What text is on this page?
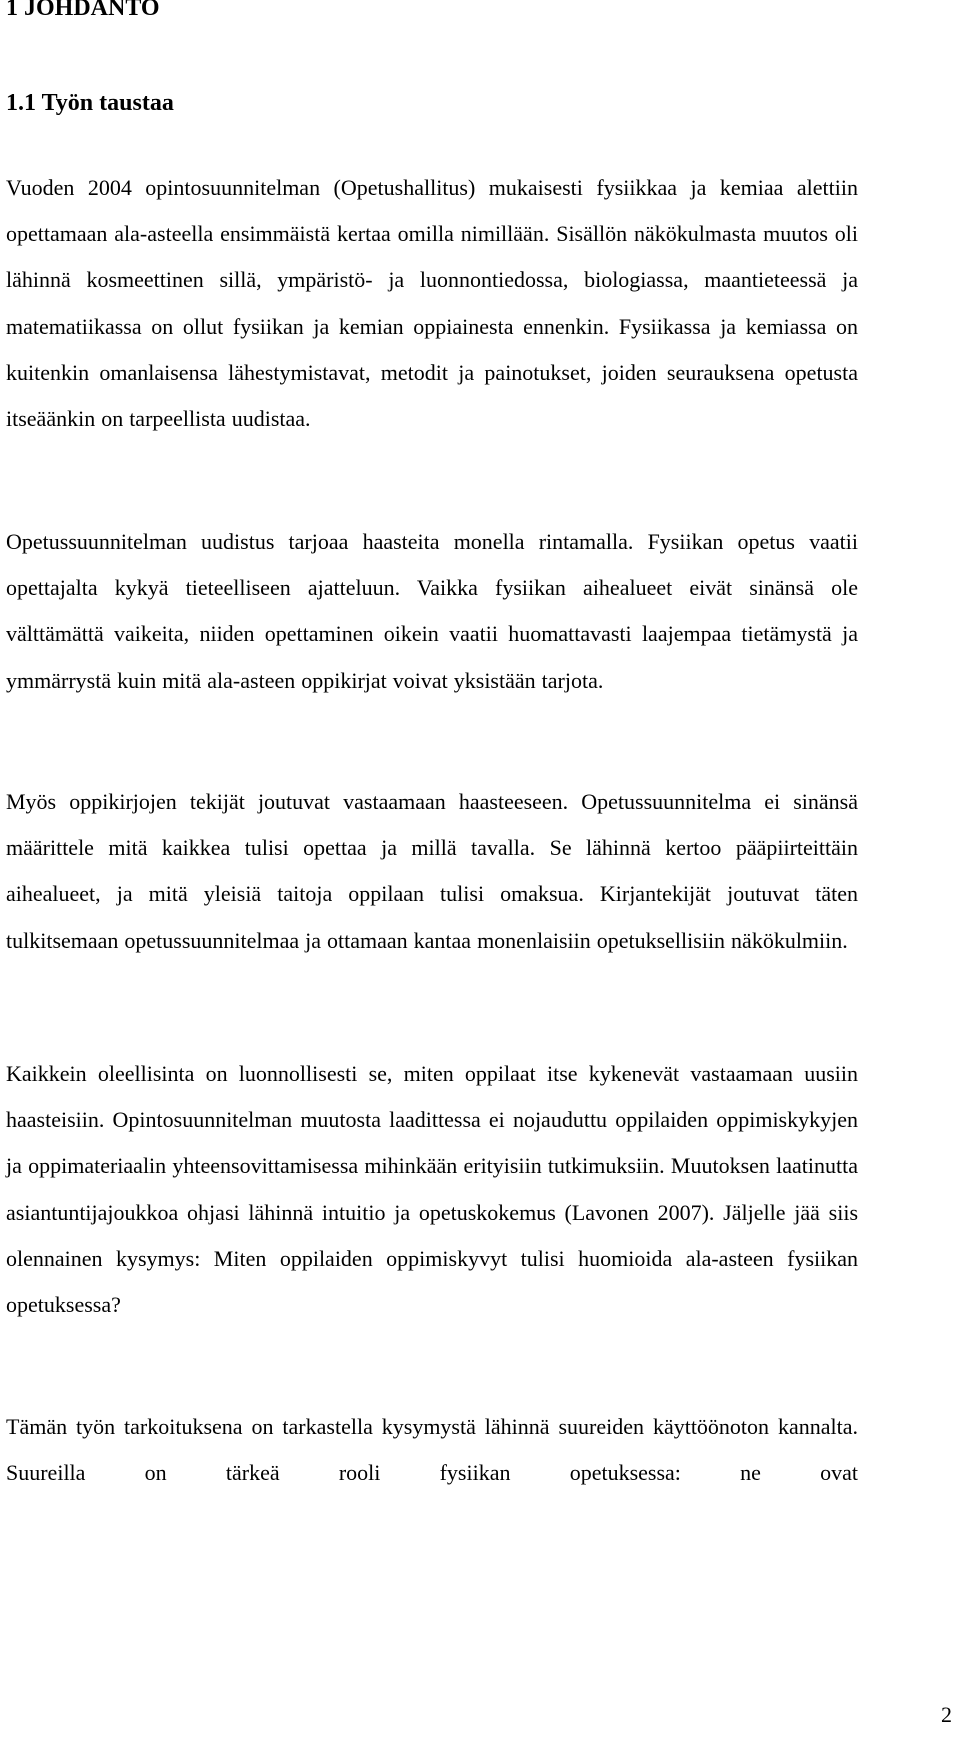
1 JOHDANTO
1.1 Työn taustaa

Vuoden 2004 opintosuunnitelman (Opetushallitus) mukaisesti fysiikkaa ja kemiaa alettiin opettamaan ala-asteella ensimmäistä kertaa omilla nimillään. Sisällön näkökulmasta muutos oli lähinnä kosmeettinen sillä, ympäristö- ja luonnontiedossa, biologiassa, maantieteessä ja matematiikassa on ollut fysiikan ja kemian oppiainesta ennenkin. Fysiikassa ja kemiassa on kuitenkin omanlaisensa lähestymistavat, metodit ja painotukset, joiden seurauksena opetusta itseäänkin on tarpeellista uudistaa.

Opetussuunnitelman uudistus tarjoaa haasteita monella rintamalla. Fysiikan opetus vaatii opettajalta kykyä tieteelliseen ajatteluun. Vaikka fysiikan aihealueet eivät sinänsä ole välttämättä vaikeita, niiden opettaminen oikein vaatii huomattavasti laajempaa tietämystä ja ymmärrystä kuin mitä ala-asteen oppikirjat voivat yksistään tarjota.

Myös oppikirjojen tekijät joutuvat vastaamaan haasteeseen. Opetussuunnitelma ei sinänsä määrittele mitä kaikkea tulisi opettaa ja millä tavalla. Se lähinnä kertoo pääpiirteittäin aihealueet, ja mitä yleisiä taitoja oppilaan tulisi omaksua. Kirjantekijät joutuvat täten tulkitsemaan opetussuunnitelmaa ja ottamaan kantaa monenlaisiin opetuksellisiin näkökulmiin.

Kaikkein oleellisinta on luonnollisesti se, miten oppilaat itse kykenevät vastaamaan uusiin haasteisiin. Opintosuunnitelman muutosta laadittessa ei nojauduttu oppilaiden oppimiskykyjen ja oppimateriaalin yhteensovittamisessa mihinkään erityisiin tutkimuksiin. Muutoksen laatinutta asiantuntijajoukkoa ohjasi lähinnä intuitio ja opetuskokemus (Lavonen 2007). Jäljelle jää siis olennainen kysymys: Miten oppilaiden oppimiskyvyt tulisi huomioida ala-asteen fysiikan opetuksessa?

Tämän työn tarkoituksena on tarkastella kysymystä lähinnä suureiden käyttöönoton kannalta. Suureilla on tärkeä rooli fysiikan opetuksessa: ne ovat

2
